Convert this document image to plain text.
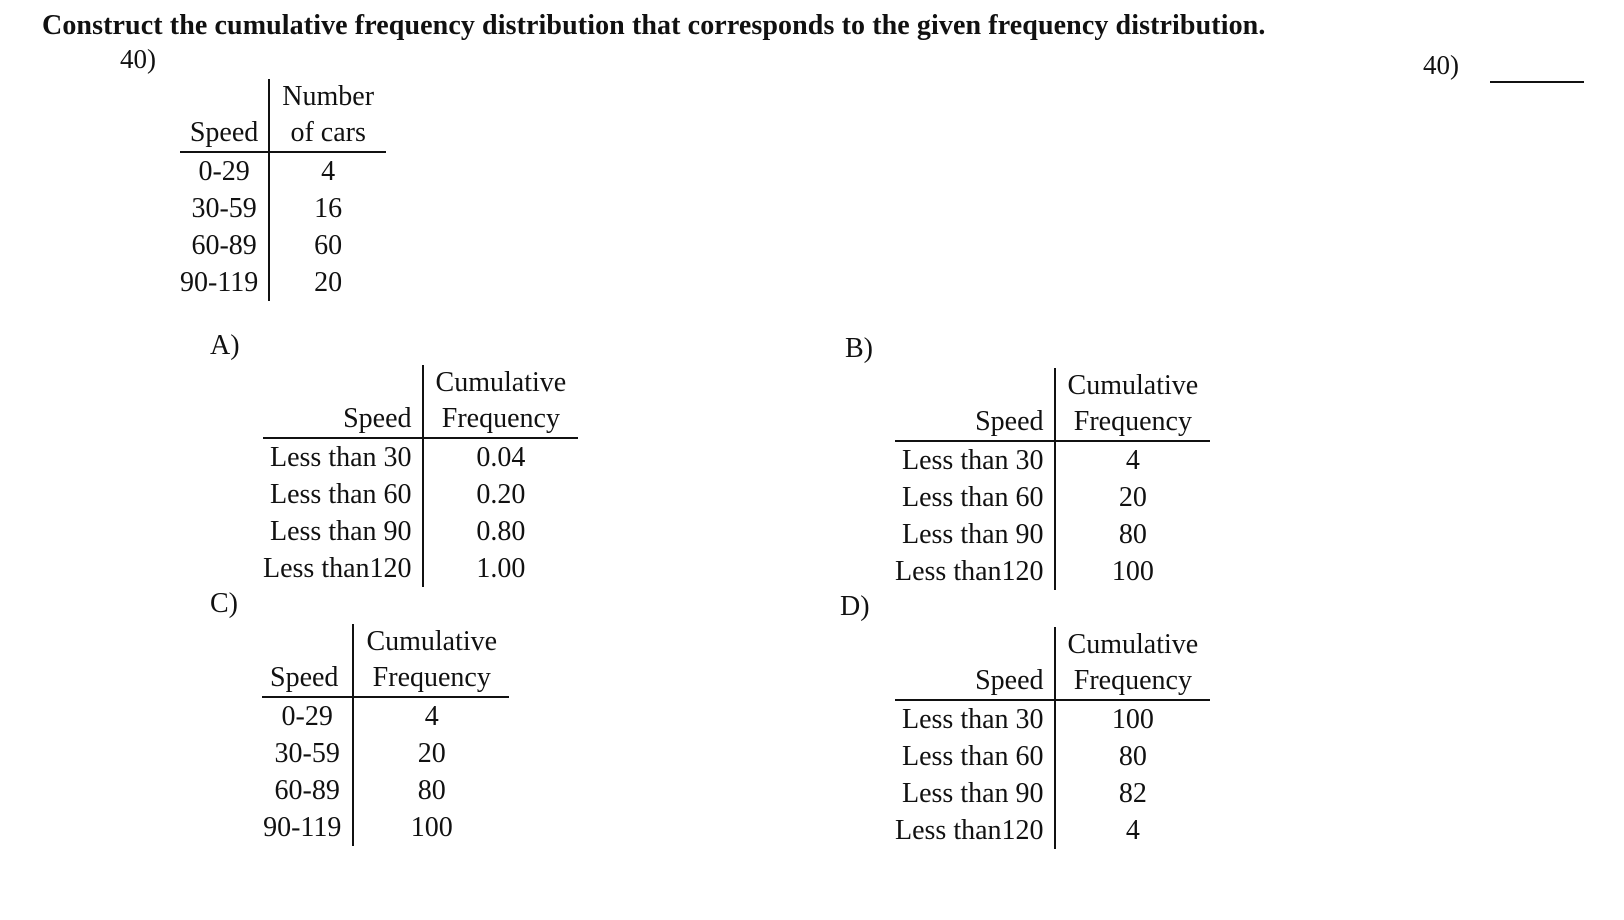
Construct the cumulative frequency distribution that corresponds to the given frequency distribution.
40)	40)
Speed	Number
of cars
0-29	4
30-59	16
60-89	60
90-119	20
A)
Speed	Cumulative
Frequency
Less than 30	0.04
Less than 60	0.20
Less than 90	0.80
Less than120	1.00
B)
Speed	Cumulative
Frequency
Less than 30	4
Less than 60	20
Less than 90	80
Less than120	100
C)
Speed	Cumulative
Frequency
0-29	4
30-59	20
60-89	80
90-119	100
D)
Speed	Cumulative
Frequency
Less than 30	100
Less than 60	80
Less than 90	82
Less than120	4
